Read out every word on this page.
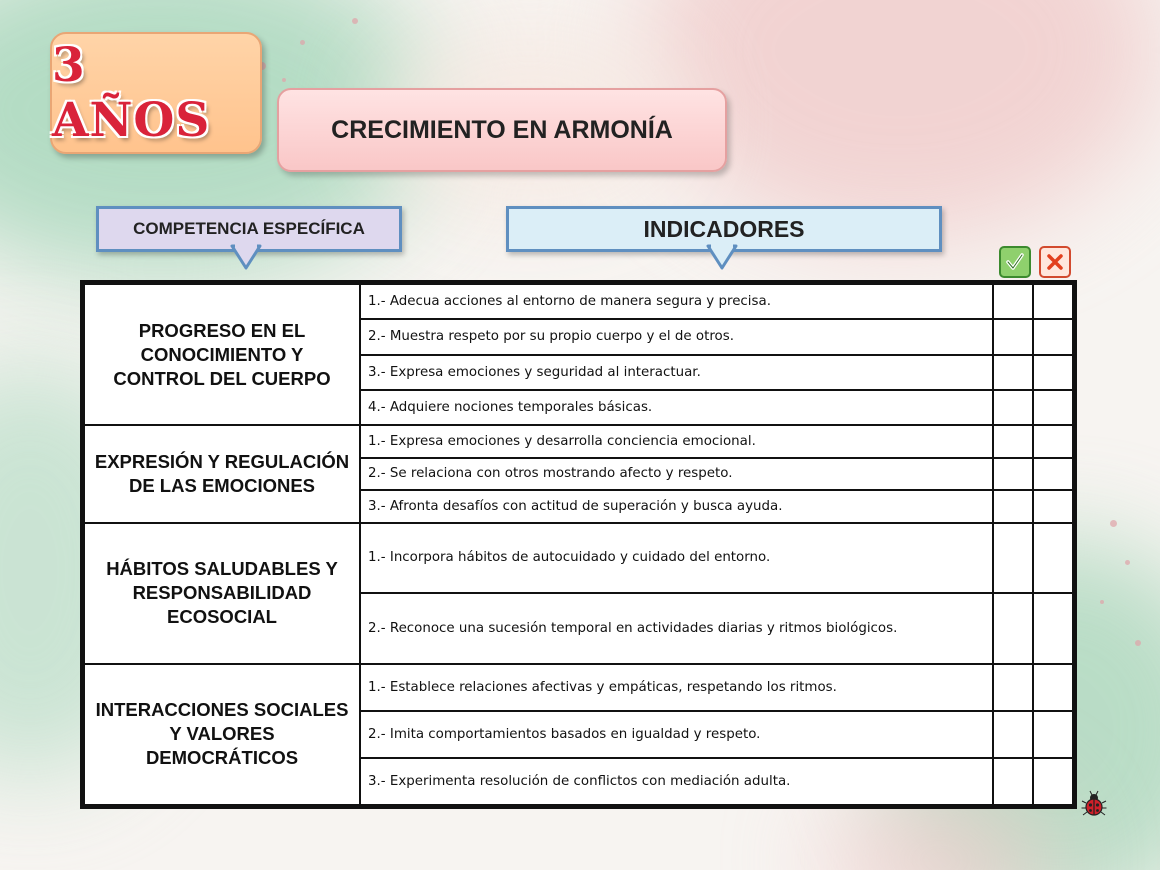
3 AÑOS	CRECIMIENTO EN ARMONÍA
COMPETENCIA ESPECÍFICA	INDICADORES
PROGRESO EN EL CONOCIMIENTO Y CONTROL DEL CUERPO	1.- Adecua acciones al entorno de manera segura y precisa.		
	2.- Muestra respeto por su propio cuerpo y el de otros.		
	3.- Expresa emociones y seguridad al interactuar.		
	4.- Adquiere nociones temporales básicas.		
EXPRESIÓN Y REGULACIÓN DE LAS EMOCIONES	1.- Expresa emociones y desarrolla conciencia emocional.		
	2.- Se relaciona con otros mostrando afecto y respeto.		
	3.- Afronta desafíos con actitud de superación y busca ayuda.		
HÁBITOS SALUDABLES Y RESPONSABILIDAD ECOSOCIAL	1.- Incorpora hábitos de autocuidado y cuidado del entorno.		
	2.- Reconoce una sucesión temporal en actividades diarias y ritmos biológicos.		
INTERACCIONES SOCIALES Y VALORES DEMOCRÁTICOS	1.- Establece relaciones afectivas y empáticas, respetando los ritmos.		
	2.- Imita comportamientos basados en igualdad y respeto.		
	3.- Experimenta resolución de conflictos con mediación adulta.		
